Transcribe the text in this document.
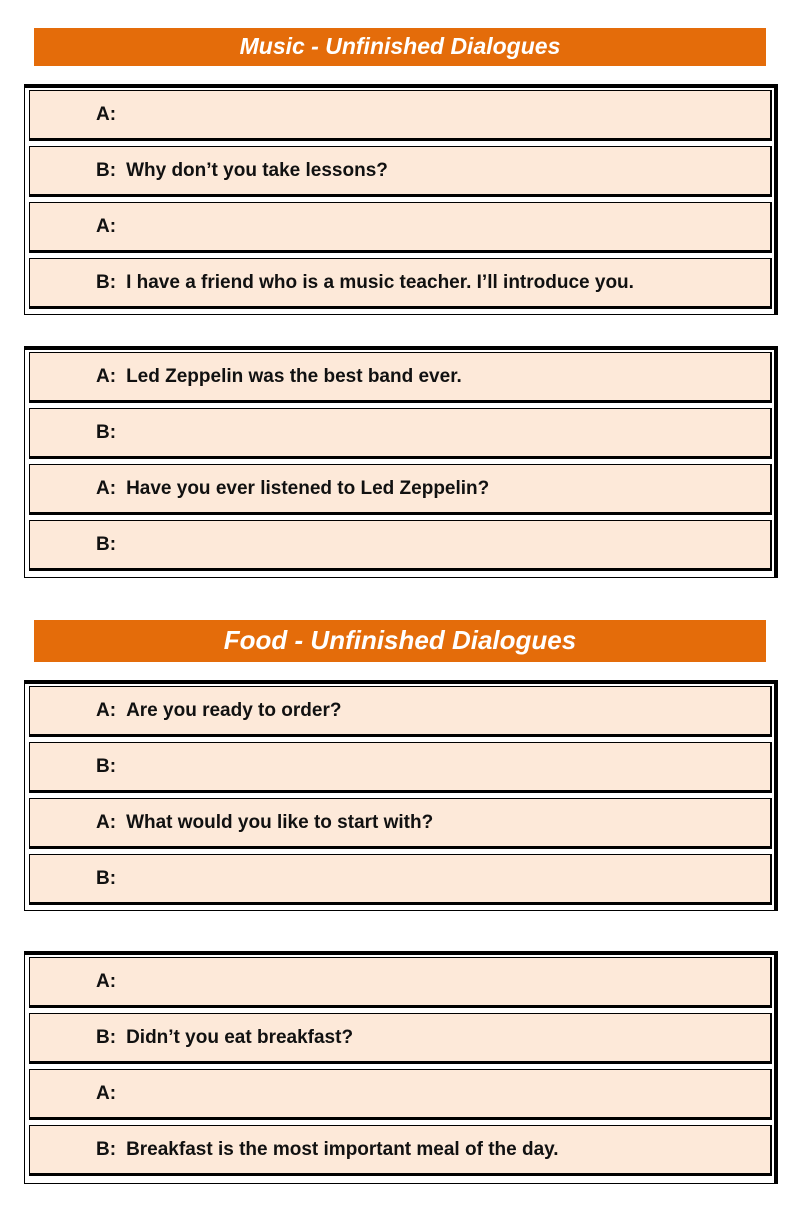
Music - Unfinished Dialogues
A:
B: Why don’t you take lessons?
A:
B: I have a friend who is a music teacher. I’ll introduce you.
A: Led Zeppelin was the best band ever.
B:
A: Have you ever listened to Led Zeppelin?
B:
Food - Unfinished Dialogues
A: Are you ready to order?
B:
A: What would you like to start with?
B:
A:
B: Didn’t you eat breakfast?
A:
B: Breakfast is the most important meal of the day.
